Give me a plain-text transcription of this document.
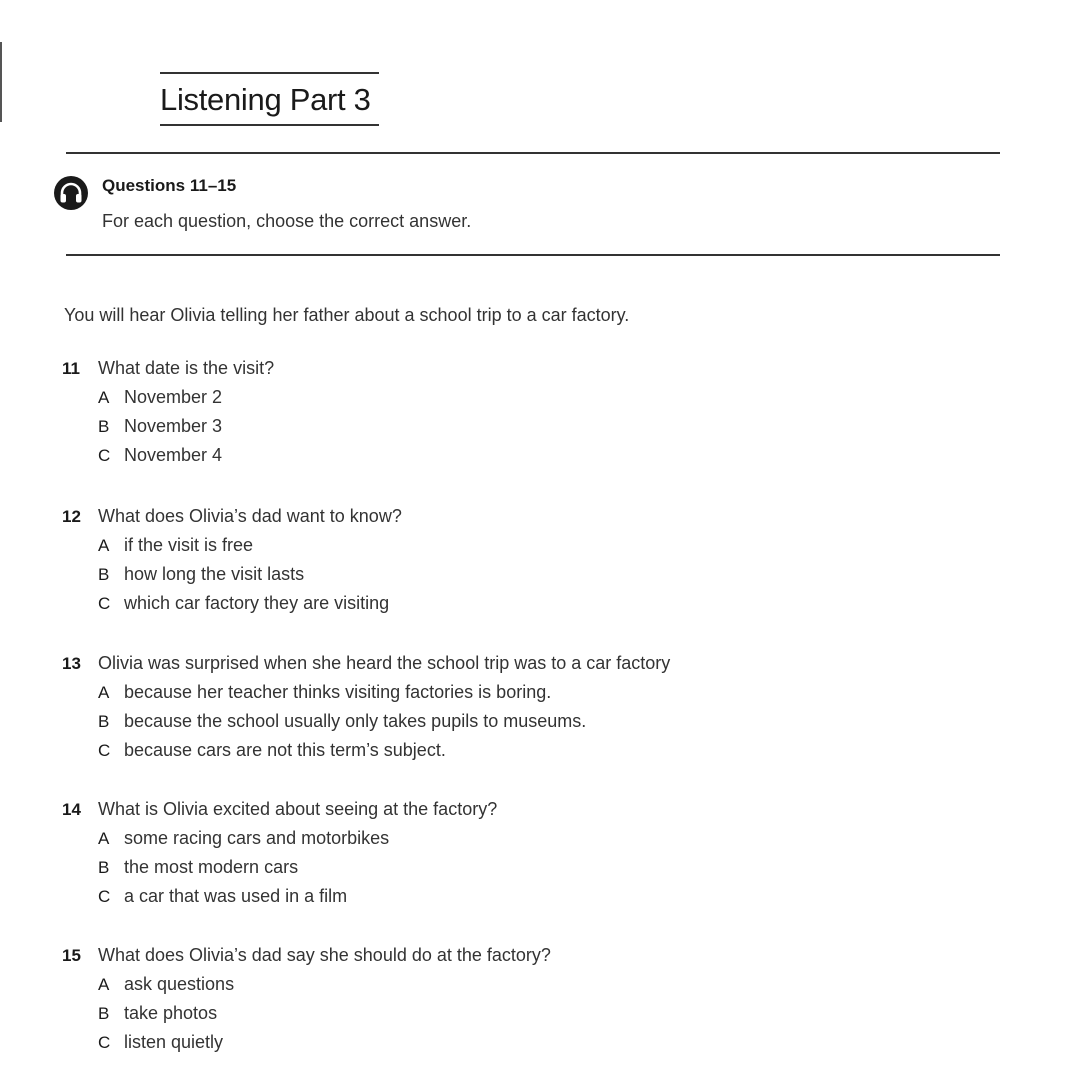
Listening Part 3
Questions 11–15
For each question, choose the correct answer.
You will hear Olivia telling her father about a school trip to a car factory.
11	What date is the visit?
A November 2
B November 3
C November 4
12 What does Olivia’s dad want to know?
A if the visit is free
B how long the visit lasts
C which car factory they are visiting
13 Olivia was surprised when she heard the school trip was to a car factory
A because her teacher thinks visiting factories is boring.
B because the school usually only takes pupils to museums.
C because cars are not this term’s subject.
14 What is Olivia excited about seeing at the factory?
A some racing cars and motorbikes
B the most modern cars
C a car that was used in a film
15 What does Olivia’s dad say she should do at the factory?
A ask questions
B take photos
C listen quietly
